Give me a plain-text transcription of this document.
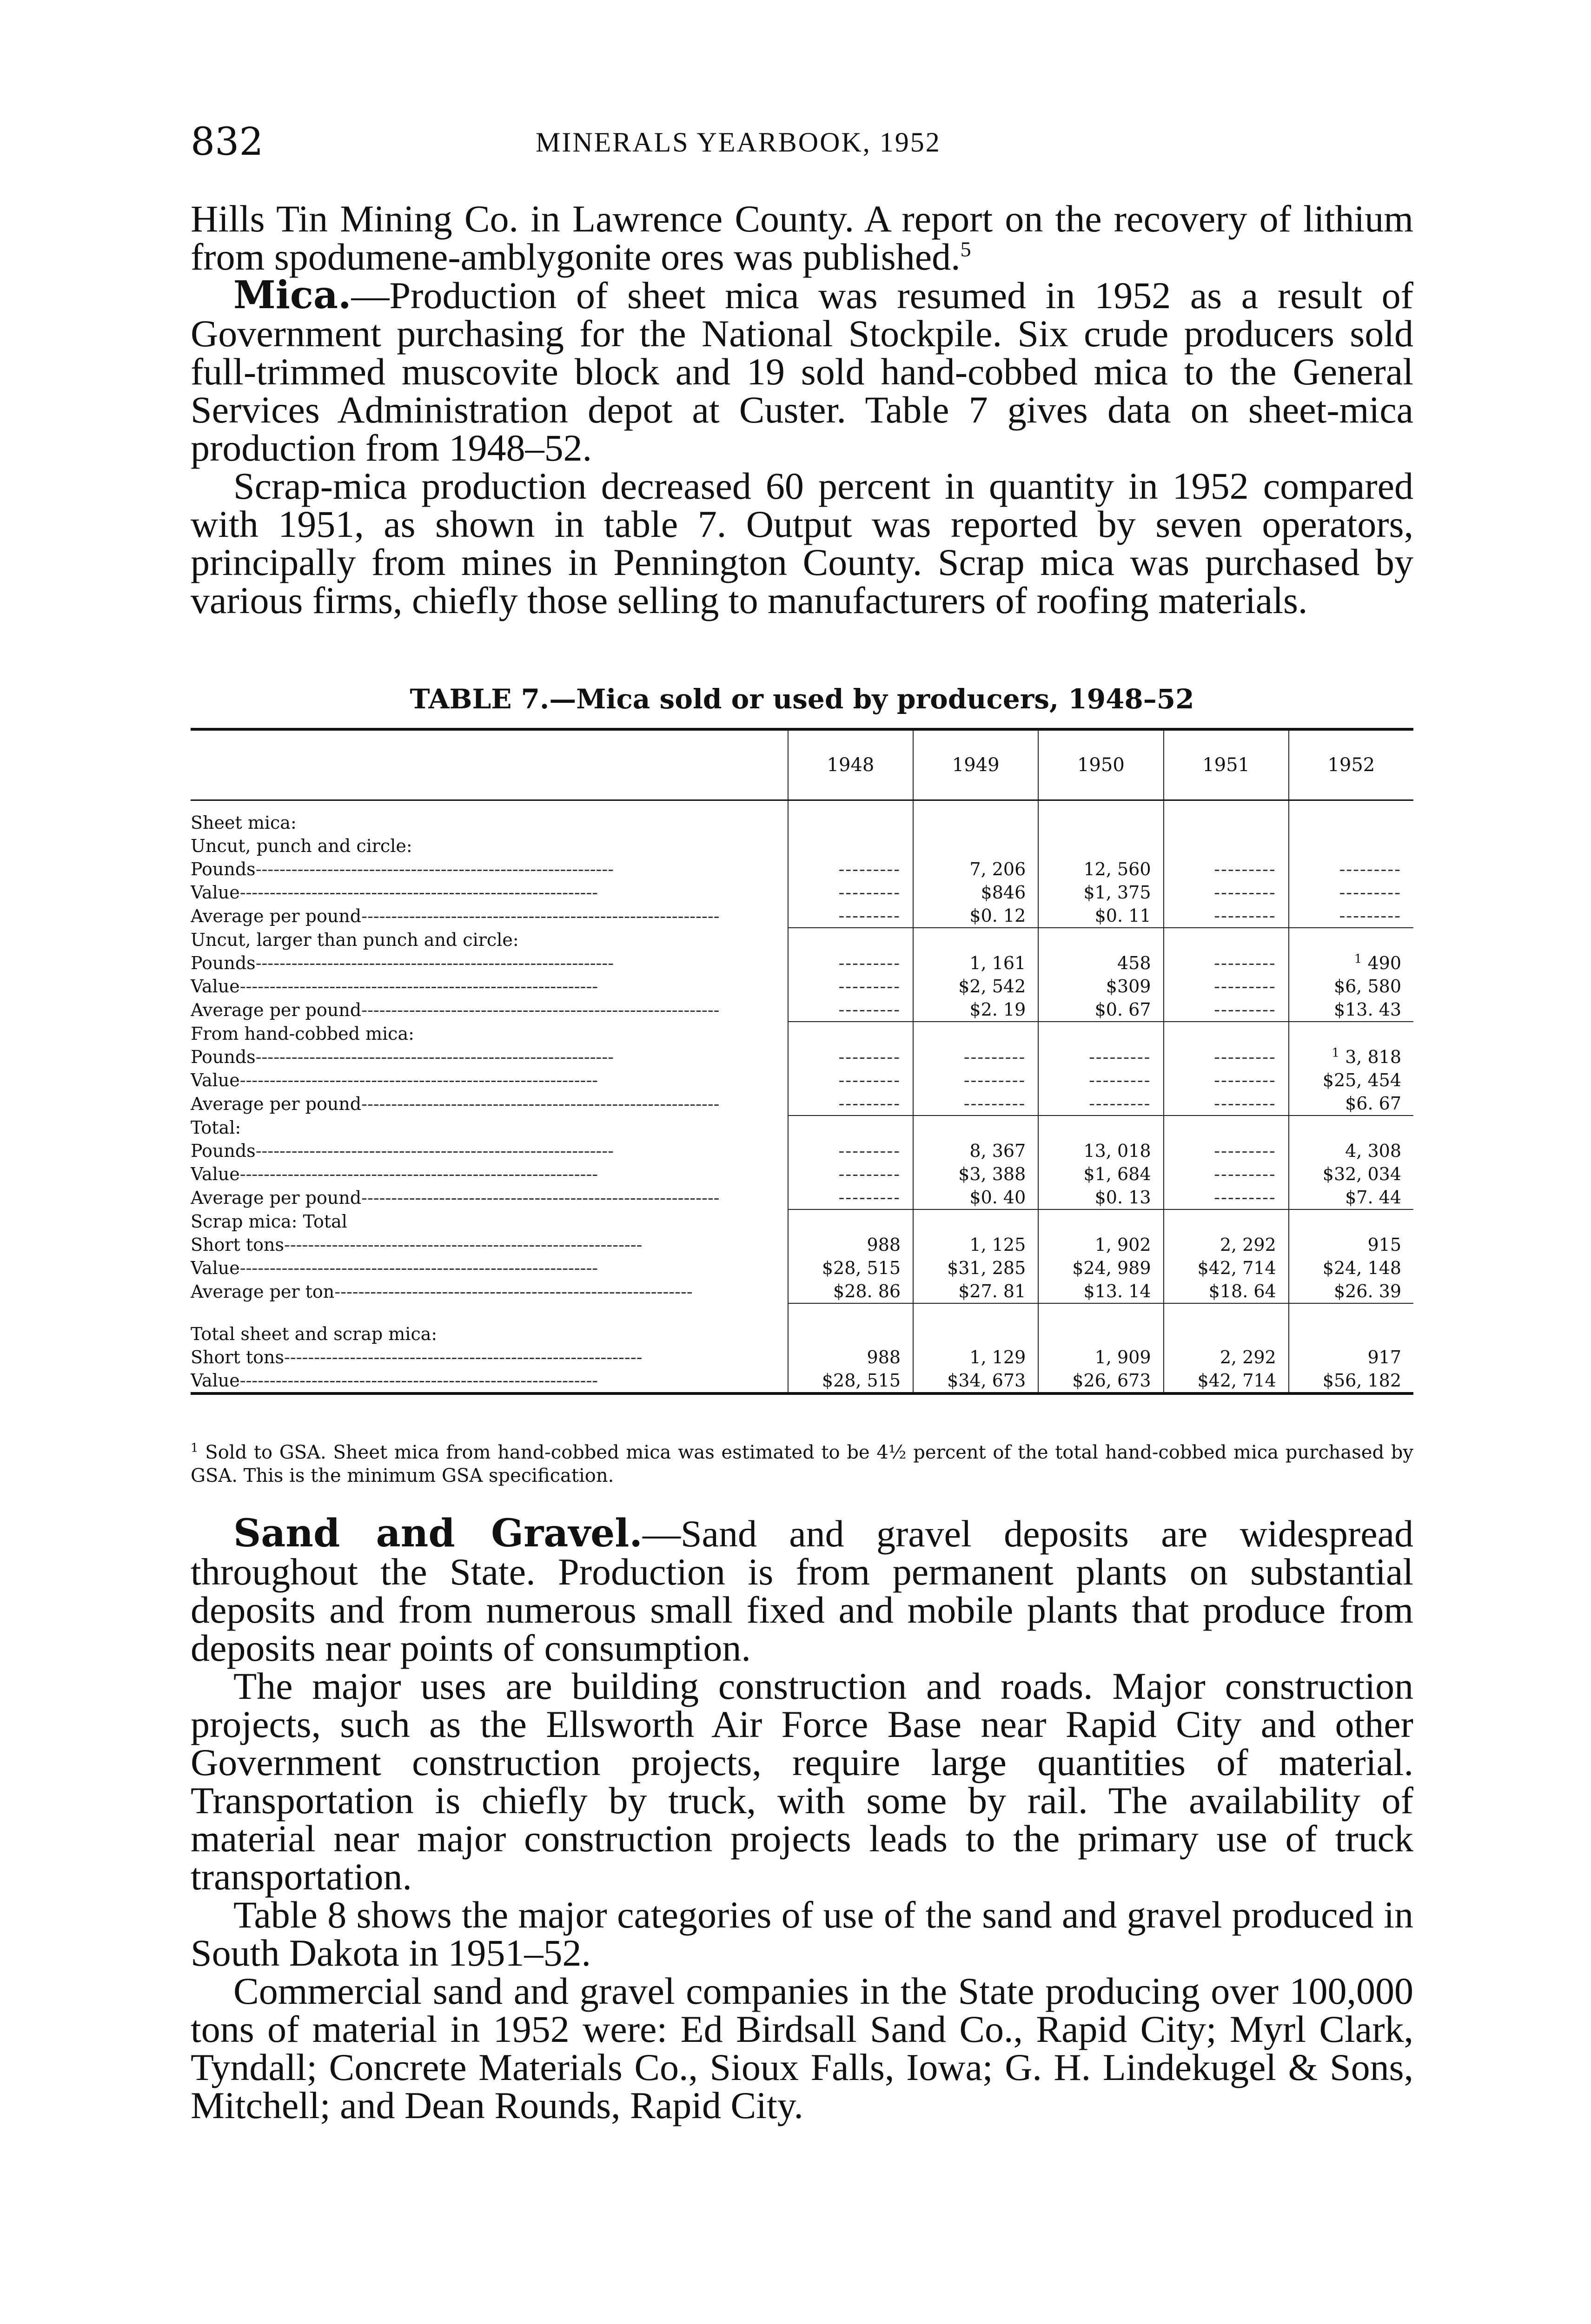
832	MINERALS YEARBOOK, 1952

Hills Tin Mining Co. in Lawrence County. A report on the recovery of lithium from spodumene-amblygonite ores was published.$^5$

Mica.—Production of sheet mica was resumed in 1952 as a result of Government purchasing for the National Stockpile. Six crude producers sold full-trimmed muscovite block and 19 sold hand-cobbed mica to the General Services Administration depot at Custer. Table 7 gives data on sheet-mica production from 1948–52.

Scrap-mica production decreased 60 percent in quantity in 1952 compared with 1951, as shown in table 7. Output was reported by seven operators, principally from mines in Pennington County. Scrap mica was purchased by various firms, chiefly those selling to manufacturers of roofing materials.

TABLE 7.—Mica sold or used by producers, 1948–52
	1948	1949	1950	1951	1952

Sheet mica:					
Uncut, punch and circle:					
Pounds------------------------------------------------------------	---------	7, 206	12, 560	---------	---------
Value------------------------------------------------------------	---------	$846	$1, 375	---------	---------
Average per pound------------------------------------------------------------	---------	$0. 12	$0. 11	---------	---------
Uncut, larger than punch and circle:					
Pounds------------------------------------------------------------	---------	1, 161	458	---------	$^1$ 490
Value------------------------------------------------------------	---------	$2, 542	$309	---------	$6, 580
Average per pound------------------------------------------------------------	---------	$2. 19	$0. 67	---------	$13. 43
From hand-cobbed mica:					
Pounds------------------------------------------------------------	---------	---------	---------	---------	$^1$ 3, 818
Value------------------------------------------------------------	---------	---------	---------	---------	$25, 454
Average per pound------------------------------------------------------------	---------	---------	---------	---------	$6. 67
Total:					
Pounds------------------------------------------------------------	---------	8, 367	13, 018	---------	4, 308
Value------------------------------------------------------------	---------	$3, 388	$1, 684	---------	$32, 034
Average per pound------------------------------------------------------------	---------	$0. 40	$0. 13	---------	$7. 44
Scrap mica: Total					
Short tons------------------------------------------------------------	988	1, 125	1, 902	2, 292	915
Value------------------------------------------------------------	$28, 515	$31, 285	$24, 989	$42, 714	$24, 148
Average per ton------------------------------------------------------------	$28. 86	$27. 81	$13. 14	$18. 64	$26. 39

Total sheet and scrap mica:					
Short tons------------------------------------------------------------	988	1, 129	1, 909	2, 292	917
Value------------------------------------------------------------	$28, 515	$34, 673	$26, 673	$42, 714	$56, 182
$^1$ Sold to GSA. Sheet mica from hand-cobbed mica was estimated to be 4½ percent of the total hand-cobbed mica purchased by GSA. This is the minimum GSA specification.

Sand and Gravel.—Sand and gravel deposits are widespread throughout the State. Production is from permanent plants on substantial deposits and from numerous small fixed and mobile plants that produce from deposits near points of consumption.

The major uses are building construction and roads. Major construction projects, such as the Ellsworth Air Force Base near Rapid City and other Government construction projects, require large quantities of material. Transportation is chiefly by truck, with some by rail. The availability of material near major construction projects leads to the primary use of truck transportation.

Table 8 shows the major categories of use of the sand and gravel produced in South Dakota in 1951–52.

Commercial sand and gravel companies in the State producing over 100,000 tons of material in 1952 were: Ed Birdsall Sand Co., Rapid City; Myrl Clark, Tyndall; Concrete Materials Co., Sioux Falls, Iowa; G. H. Lindekugel & Sons, Mitchell; and Dean Rounds, Rapid City.
